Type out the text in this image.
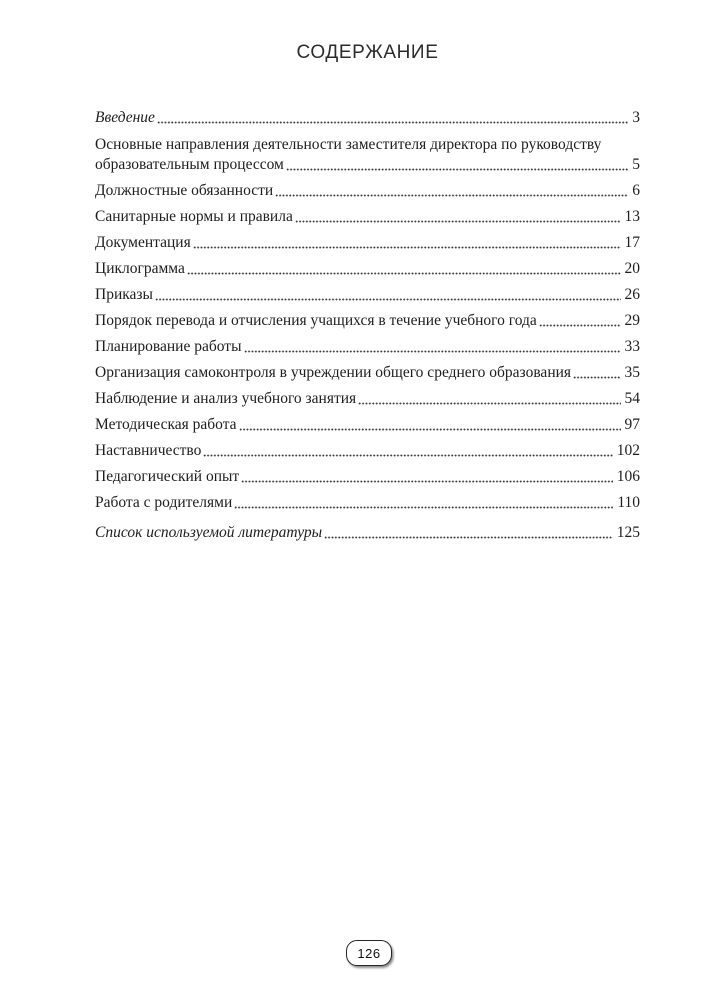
СОДЕРЖАНИЕ
Введение	3
Основные направления деятельности заместителя директора по руководству
образовательным процессом	5
Должностные обязанности	6
Санитарные нормы и правила	13
Документация	17
Циклограмма	20
Приказы	26
Порядок перевода и отчисления учащихся в течение учебного года	29
Планирование работы	33
Организация самоконтроля в учреждении общего среднего образования	35
Наблюдение и анализ учебного занятия	54
Методическая работа	97
Наставничество	102
Педагогический опыт	106
Работа с родителями	110
Список используемой литературы	125
126
